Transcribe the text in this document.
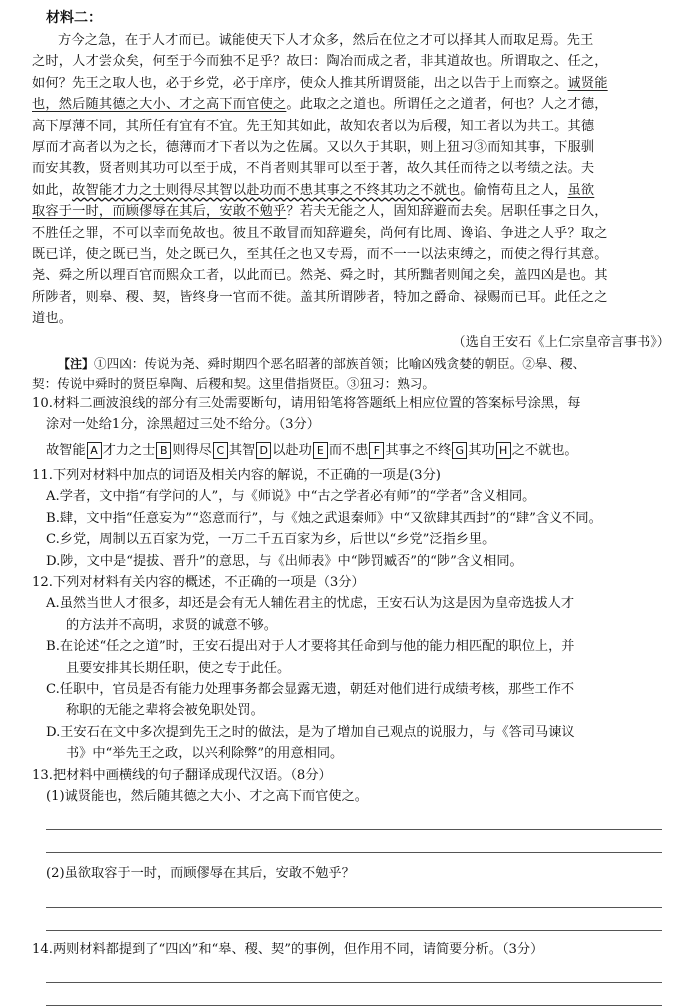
材料二：
方今之急，在于人才而已。诚能使天下人才众多，然后在位之才可以择其人而取足焉。先王
之时，人才尝众矣，何至于今而独不足乎？故曰：陶冶而成之者，非其道故也。所谓取之、任之，
如何？先王之取人也，必于乡党，必于庠序，使众人推其所谓贤能，出之以告于上而察之。诚贤能
也，然后随其德之大小、才之高下而官使之。此取之之道也。所谓任之之道者，何也？人之才德，
高下厚薄不同，其所任有宜有不宜。先王知其如此，故知农者以为后稷，知工者以为共工。其德
厚而才高者以为之长，德薄而才下者以为之佐属。又以久于其职，则上狃习③而知其事，下服驯
而安其教，贤者则其功可以至于成，不肖者则其罪可以至于著，故久其任而待之以考绩之法。夫
如此，故智能才力之士则得尽其智以赴功而不患其事之不终其功之不就也。偷惰苟且之人，虽欲
取容于一时，而顾僇辱在其后，安敢不勉乎？若夫无能之人，固知辞避而去矣。居职任事之日久，
不胜任之罪，不可以幸而免故也。彼且不敢冒而知辞避矣，尚何有比周、谗谄、争进之人乎？取之
既已详，使之既已当，处之既已久，至其任之也又专焉，而不一一以法束缚之，而使之得行其意。
尧、舜之所以理百官而熙众工者，以此而已。然尧、舜之时，其所黜者则闻之矣，盖四凶是也。其
所陟者，则皋、稷、契，皆终身一官而不徙。盖其所谓陟者，特加之爵命、禄赐而已耳。此任之之
道也。
（选自王安石《上仁宗皇帝言事书》）
【注】①四凶：传说为尧、舜时期四个恶名昭著的部族首领；比喻凶残贪婪的朝臣。②皋、稷、
契：传说中舜时的贤臣皋陶、后稷和契。这里借指贤臣。③狃习：熟习。
10.材料二画波浪线的部分有三处需要断句，请用铅笔将答题纸上相应位置的答案标号涂黑，每
涂对一处给1分，涂黑超过三处不给分。（3分）
故智能 A 才力之士 B 则得尽 C 其智 D 以赴功 E 而不患 F 其事之不终 G 其功 H 之不就也。
11.下列对材料中加点的词语及相关内容的解说，不正确的一项是(3分)
A.学者，文中指“有学问的人”，与《师说》中“古之学者必有师”的“学者”含义相同。
B.肆，文中指“任意妄为”“恣意而行”，与《烛之武退秦师》中“又欲肆其西封”的“肆”含义不同。
C.乡党，周制以五百家为党，一万二千五百家为乡，后世以“乡党”泛指乡里。
D.陟，文中是“提拔、晋升”的意思，与《出师表》中“陟罚臧否”的“陟”含义相同。
12.下列对材料有关内容的概述，不正确的一项是（3分）
A.虽然当世人才很多，却还是会有无人辅佐君主的忧虑，王安石认为这是因为皇帝选拔人才
的方法并不高明，求贤的诚意不够。
B.在论述“任之之道”时，王安石提出对于人才要将其任命到与他的能力相匹配的职位上，并
且要安排其长期任职，使之专于此任。
C.任职中，官员是否有能力处理事务都会显露无遗，朝廷对他们进行成绩考核，那些工作不
称职的无能之辈将会被免职处罚。
D.王安石在文中多次提到先王之时的做法，是为了增加自己观点的说服力，与《答司马谏议
书》中“举先王之政，以兴利除弊”的用意相同。
13.把材料中画横线的句子翻译成现代汉语。（8分）
(1)诚贤能也，然后随其德之大小、才之高下而官使之。
(2)虽欲取容于一时，而顾僇辱在其后，安敢不勉乎？
14.两则材料都提到了“四凶”和“皋、稷、契”的事例，但作用不同，请简要分析。（3分）
